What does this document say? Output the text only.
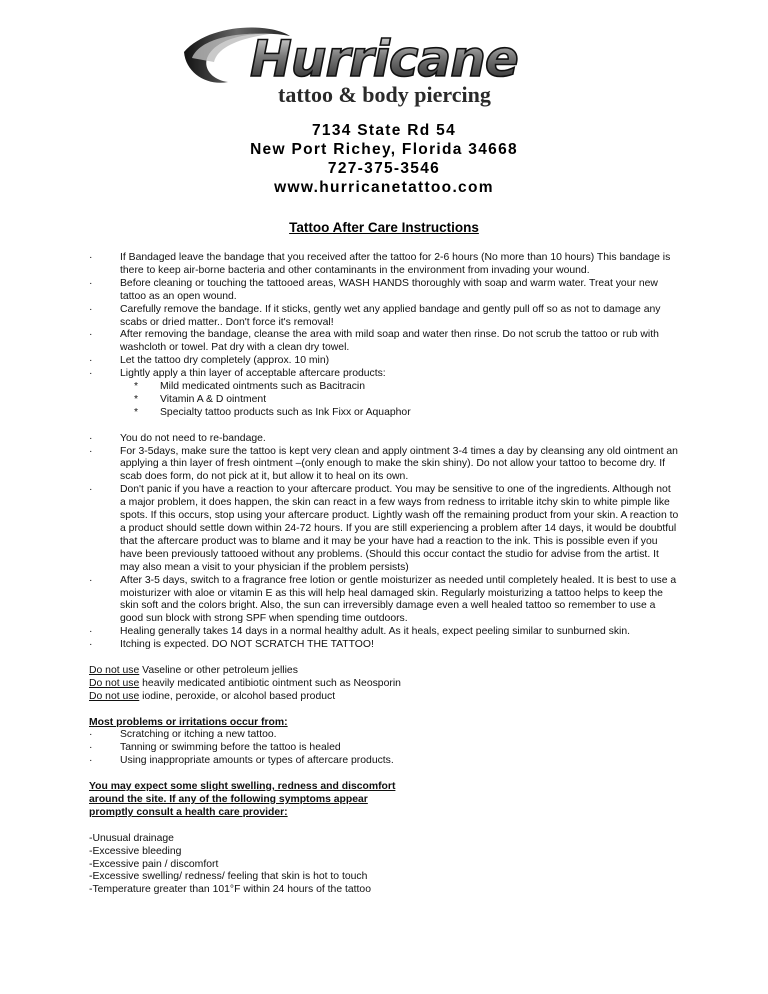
Hurricane
tattoo & body piercing
7134 State Rd 54
New Port Richey, Florida 34668
727-375-3546
www.hurricanetattoo.com
Tattoo After Care Instructions
·	If Bandaged leave the bandage that you received after the tattoo for 2-6 hours (No more than 10 hours) This bandage is there to keep air-borne bacteria and other contaminants in the environment from invading your wound.
·	Before cleaning or touching the tattooed areas, WASH HANDS thoroughly with soap and warm water. Treat your new tattoo as an open wound.
·	Carefully remove the bandage. If it sticks, gently wet any applied bandage and gently pull off so as not to damage any scabs or dried matter.. Don't force it's removal!
·	After removing the bandage, cleanse the area with mild soap and water then rinse. Do not scrub the tattoo or rub with washcloth or towel. Pat dry with a clean dry towel.
·	Let the tattoo dry completely (approx. 10 min)
·	Lightly apply a thin layer of acceptable aftercare products:
* Mild medicated ointments such as Bacitracin
* Vitamin A & D ointment
* Specialty tattoo products such as Ink Fixx or Aquaphor
·	You do not need to re-bandage.
·	For 3-5days, make sure the tattoo is kept very clean and apply ointment 3-4 times a day by cleansing any old ointment an applying a thin layer of fresh ointment –(only enough to make the skin shiny). Do not allow your tattoo to become dry. If scab does form, do not pick at it, but allow it to heal on its own.
·	Don't panic if you have a reaction to your aftercare product. You may be sensitive to one of the ingredients. Although not a major problem, it does happen, the skin can react in a few ways from redness to irritable itchy skin to white pimple like spots. If this occurs, stop using your aftercare product. Lightly wash off the remaining product from your skin. A reaction to a product should settle down within 24-72 hours. If you are still experiencing a problem after 14 days, it would be doubtful that the aftercare product was to blame and it may be your have had a reaction to the ink. This is possible even if you have been previously tattooed without any problems. (Should this occur contact the studio for advise from the artist. It may also mean a visit to your physician if the problem persists)
·	After 3-5 days, switch to a fragrance free lotion or gentle moisturizer as needed until completely healed. It is best to use a moisturizer with aloe or vitamin E as this will help heal damaged skin. Regularly moisturizing a tattoo helps to keep the skin soft and the colors bright. Also, the sun can irreversibly damage even a well healed tattoo so remember to use a good sun block with strong SPF when spending time outdoors.
·	Healing generally takes 14 days in a normal healthy adult. As it heals, expect peeling similar to sunburned skin.
·	Itching is expected. DO NOT SCRATCH THE TATTOO!
Do not use Vaseline or other petroleum jellies
Do not use heavily medicated antibiotic ointment such as Neosporin
Do not use iodine, peroxide, or alcohol based product
Most problems or irritations occur from:
·	Scratching or itching a new tattoo.
·	Tanning or swimming before the tattoo is healed
·	Using inappropriate amounts or types of aftercare products.
You may expect some slight swelling, redness and discomfort
around the site. If any of the following symptoms appear
promptly consult a health care provider:
-Unusual drainage
-Excessive bleeding
-Excessive pain / discomfort
-Excessive swelling/ redness/ feeling that skin is hot to touch
-Temperature greater than 101°F within 24 hours of the tattoo
